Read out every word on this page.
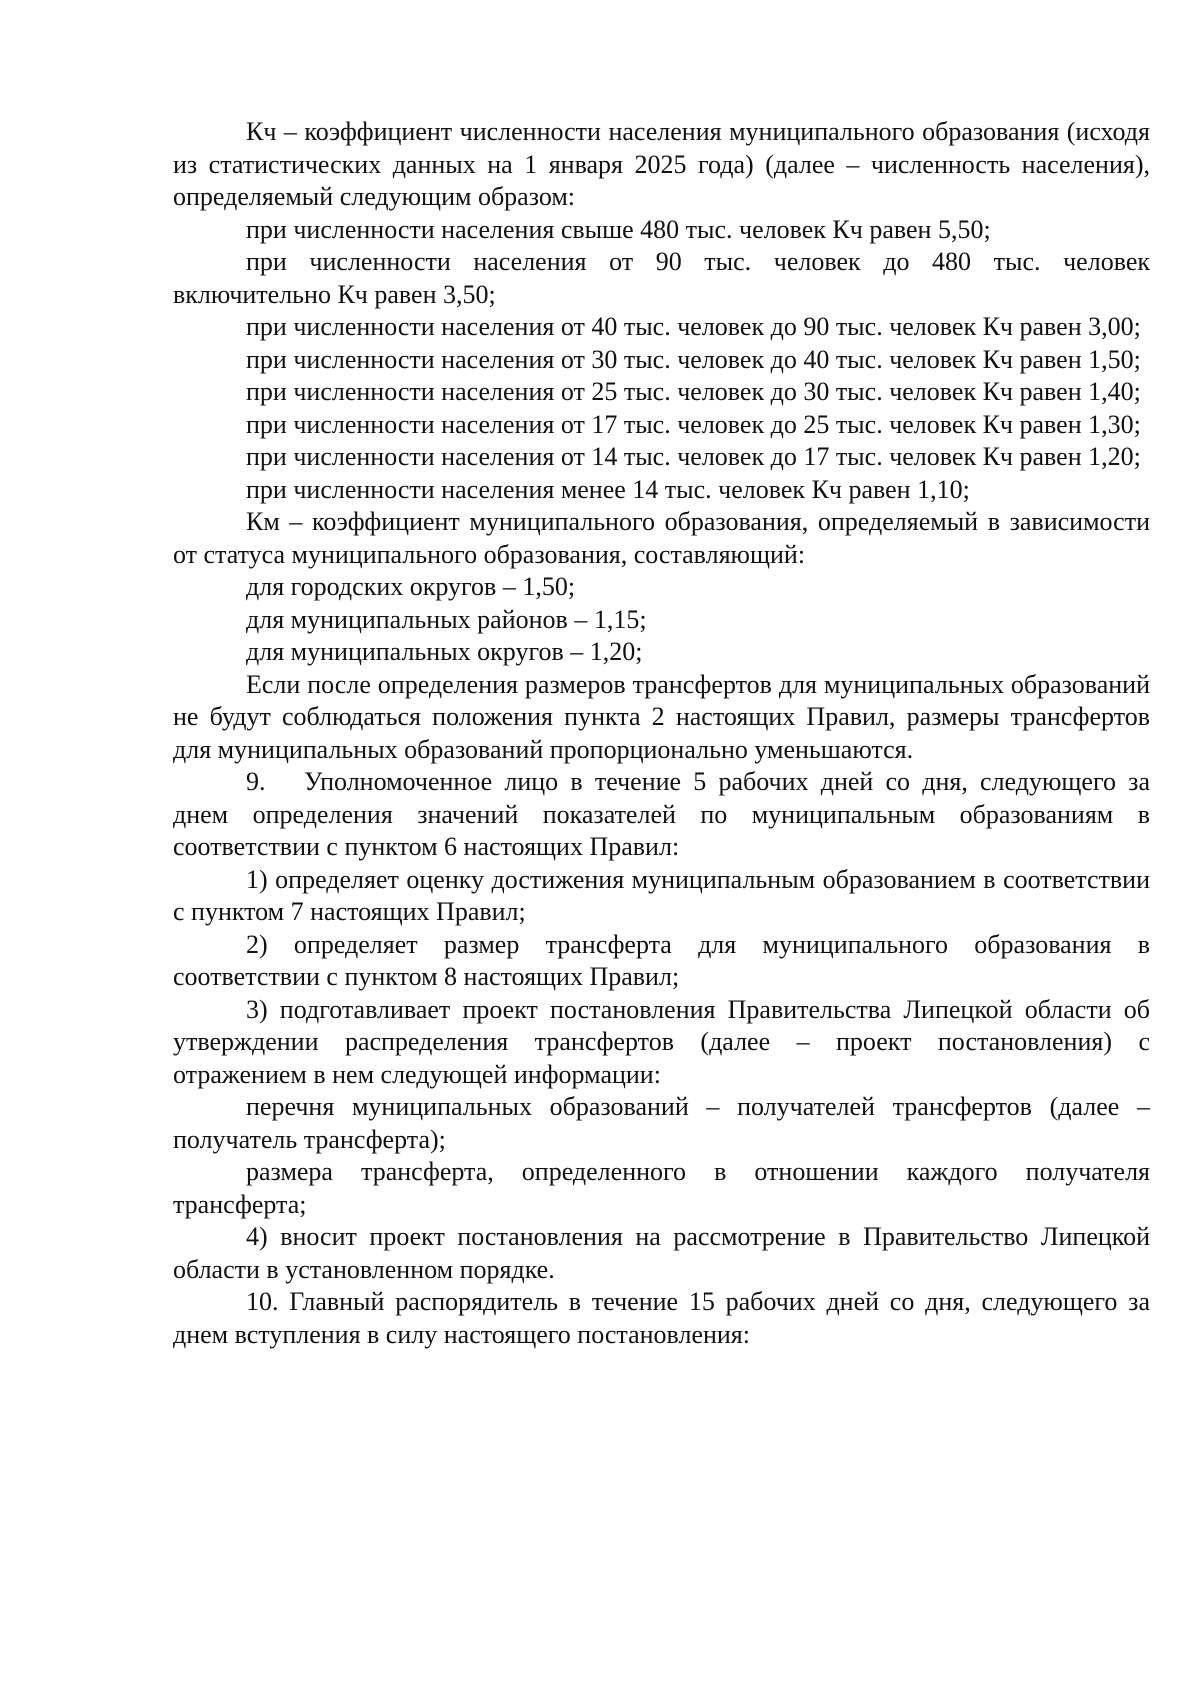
Кч – коэффициент численности населения муниципального образования (исходя из статистических данных на 1 января 2025 года) (далее – численность населения), определяемый следующим образом:

при численности населения свыше 480 тыс. человек Кч равен 5,50;

при численности населения от 90 тыс. человек до 480 тыс. человек включительно Кч равен 3,50;

при численности населения от 40 тыс. человек до 90 тыс. человек Кч равен 3,00;

при численности населения от 30 тыс. человек до 40 тыс. человек Кч равен 1,50;

при численности населения от 25 тыс. человек до 30 тыс. человек Кч равен 1,40;

при численности населения от 17 тыс. человек до 25 тыс. человек Кч равен 1,30;

при численности населения от 14 тыс. человек до 17 тыс. человек Кч равен 1,20;

при численности населения менее 14 тыс. человек Кч равен 1,10;

Км – коэффициент муниципального образования, определяемый в зависимости от статуса муниципального образования, составляющий:

для городских округов – 1,50;

для муниципальных районов – 1,15;

для муниципальных округов – 1,20;

Если после определения размеров трансфертов для муниципальных образований не будут соблюдаться положения пункта 2 настоящих Правил, размеры трансфертов для муниципальных образований пропорционально уменьшаются.

9. Уполномоченное лицо в течение 5 рабочих дней со дня, следующего за днем определения значений показателей по муниципальным образованиям в соответствии с пунктом 6 настоящих Правил:

1) определяет оценку достижения муниципальным образованием в соответствии с пунктом 7 настоящих Правил;

2) определяет размер трансферта для муниципального образования в соответствии с пунктом 8 настоящих Правил;

3) подготавливает проект постановления Правительства Липецкой области об утверждении распределения трансфертов (далее – проект постановления) с отражением в нем следующей информации:

перечня муниципальных образований – получателей трансфертов (далее – получатель трансферта);

размера трансферта, определенного в отношении каждого получателя трансферта;

4) вносит проект постановления на рассмотрение в Правительство Липецкой области в установленном порядке.

10. Главный распорядитель в течение 15 рабочих дней со дня, следующего за днем вступления в силу настоящего постановления:
